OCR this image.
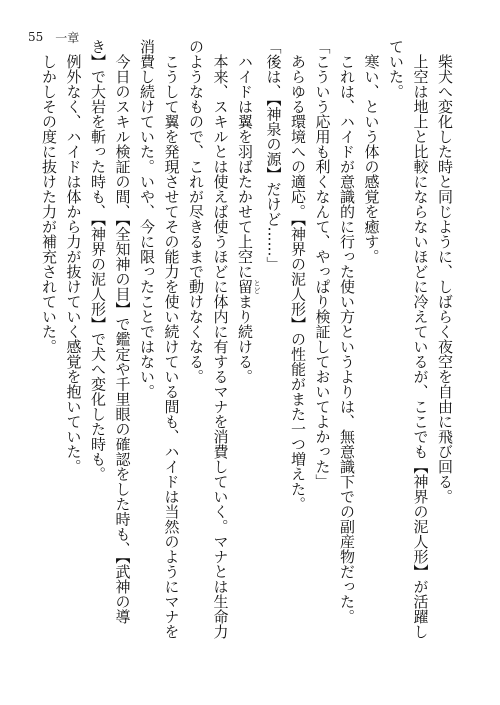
55 一章

　柴犬へ変化した時と同じように、しばらく夜空を自由に飛び回る。

　上空は地上と比較にならないほどに冷えているが、ここでも【神界の泥人形】が活躍し

ていた。

　寒い、という体の感覚を癒す。

　これは、ハイドが意識的に行った使い方というよりは、無意識下での副産物だった。

「こういう応用も利くなんて、やっぱり検証しておいてよかった」

　あらゆる環境への適応。【神界の泥人形】の性能がまた一つ増えた。

「後は、【神泉の源】だけど……」

　ハイドは翼を羽ばたかせて上空に留 とどまり続ける。

　本来、スキルとは使えば使うほどに体内に有するマナを消費していく。マナとは生命力

のようなもので、これが尽きるまで動けなくなる。

　こうして翼を発現させてその能力を使い続けている間も、ハイドは当然のようにマナを

消費し続けていた。いや、今に限ったことではない。

　今日のスキル検証の間、【全知神の目】で鑑定や千里眼の確認をした時も、【武神の導

き】で大岩を斬った時も、【神界の泥人形】で犬へ変化した時も。

　例外なく、ハイドは体から力が抜けていく感覚を抱いていた。

　しかしその度に抜けた力が補充されていた。
